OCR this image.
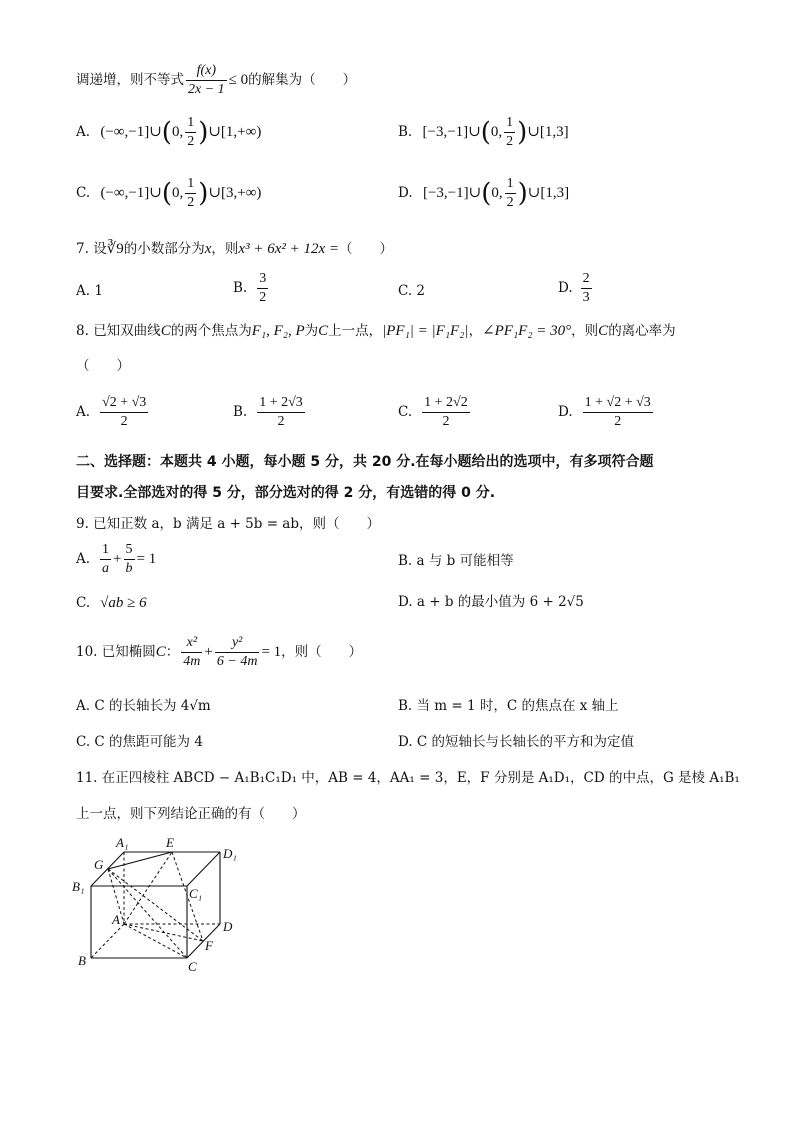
调递增，则不等式 $\frac{f(x)}{2x - 1} \le 0$的解集为（　　）
A. (−∞,−1]∪(0, $\frac{1}{2}$ )∪[1,+∞)	B. [−3,−1]∪(0, $\frac{1}{2}$ )∪[1,3]
C. (−∞,−1]∪(0, $\frac{1}{2}$ )∪[3,+∞)	D. [−3,−1]∪(0, $\frac{1}{2}$ )∪[1,3]
7. 设∛9的小数部分为x，则x³ + 6x² + 12x =（　　）
A. 1	B. $\frac{3}{2}$	C. 2	D. $\frac{2}{3}$
8. 已知双曲线C的两个焦点为F₁, F₂, P为C上一点，|PF₁| = |F₁F₂|，∠PF₁F₂ = 30°，则C的离心率为
（　　）
A. $\frac{√2 + √3}{2}$	B. $\frac{1 + 2√3}{2}$	C. $\frac{1 + 2√2}{2}$	D. $\frac{1 + √2 + √3}{2}$
二、选择题：本题共 4 小题，每小题 5 分，共 20 分.在每小题给出的选项中，有多项符合题
目要求.全部选对的得 5 分，部分选对的得 2 分，有选错的得 0 分.
9. 已知正数 a，b 满足 a + 5b = ab，则（　　）
A. $\frac{1}{a} + \frac{5}{b} = 1$	B. a 与 b 可能相等
C. √ab ≥ 6	D. a + b 的最小值为 6 + 2√5
10. 已知椭圆C： $\frac{\text{x²}}{4m} + \frac{\text{y²}}{6 - 4m} = 1$，则（　　）
A. C 的长轴长为 4√m	B. 当 m = 1 时，C 的焦点在 x 轴上
C. C 的焦距可能为 4	D. C 的短轴长与长轴长的平方和为定值
11. 在正四棱柱 ABCD − A₁B₁C₁D₁ 中，AB = 4，AA₁ = 3，E，F 分别是 A₁D₁，CD 的中点，G 是棱 A₁B₁
上一点，则下列结论正确的有（　　）
A₁	E
D₁
G
B₁	C₁
A	D
F
B	C
